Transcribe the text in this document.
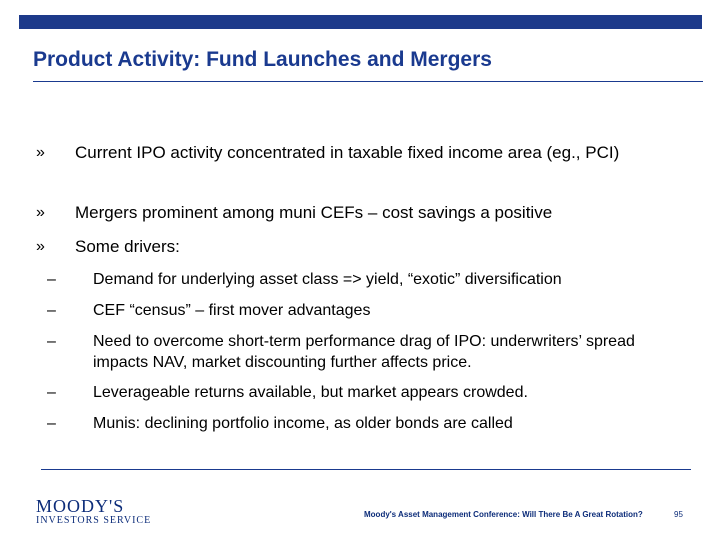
Product Activity: Fund Launches and Mergers
» Current IPO activity concentrated in taxable fixed income area (eg., PCI)
» Mergers prominent among muni CEFs – cost savings a positive
» Some drivers:
– Demand for underlying asset class => yield, “exotic” diversification
– CEF “census” – first mover advantages
– Need to overcome short-term performance drag of IPO: underwriters’ spread impacts NAV, market discounting further affects price.
– Leverageable returns available, but market appears crowded.
– Munis: declining portfolio income, as older bonds are called
MOODY'S
INVESTORS SERVICE
Moody's Asset Management Conference: Will There Be A Great Rotation?	95
